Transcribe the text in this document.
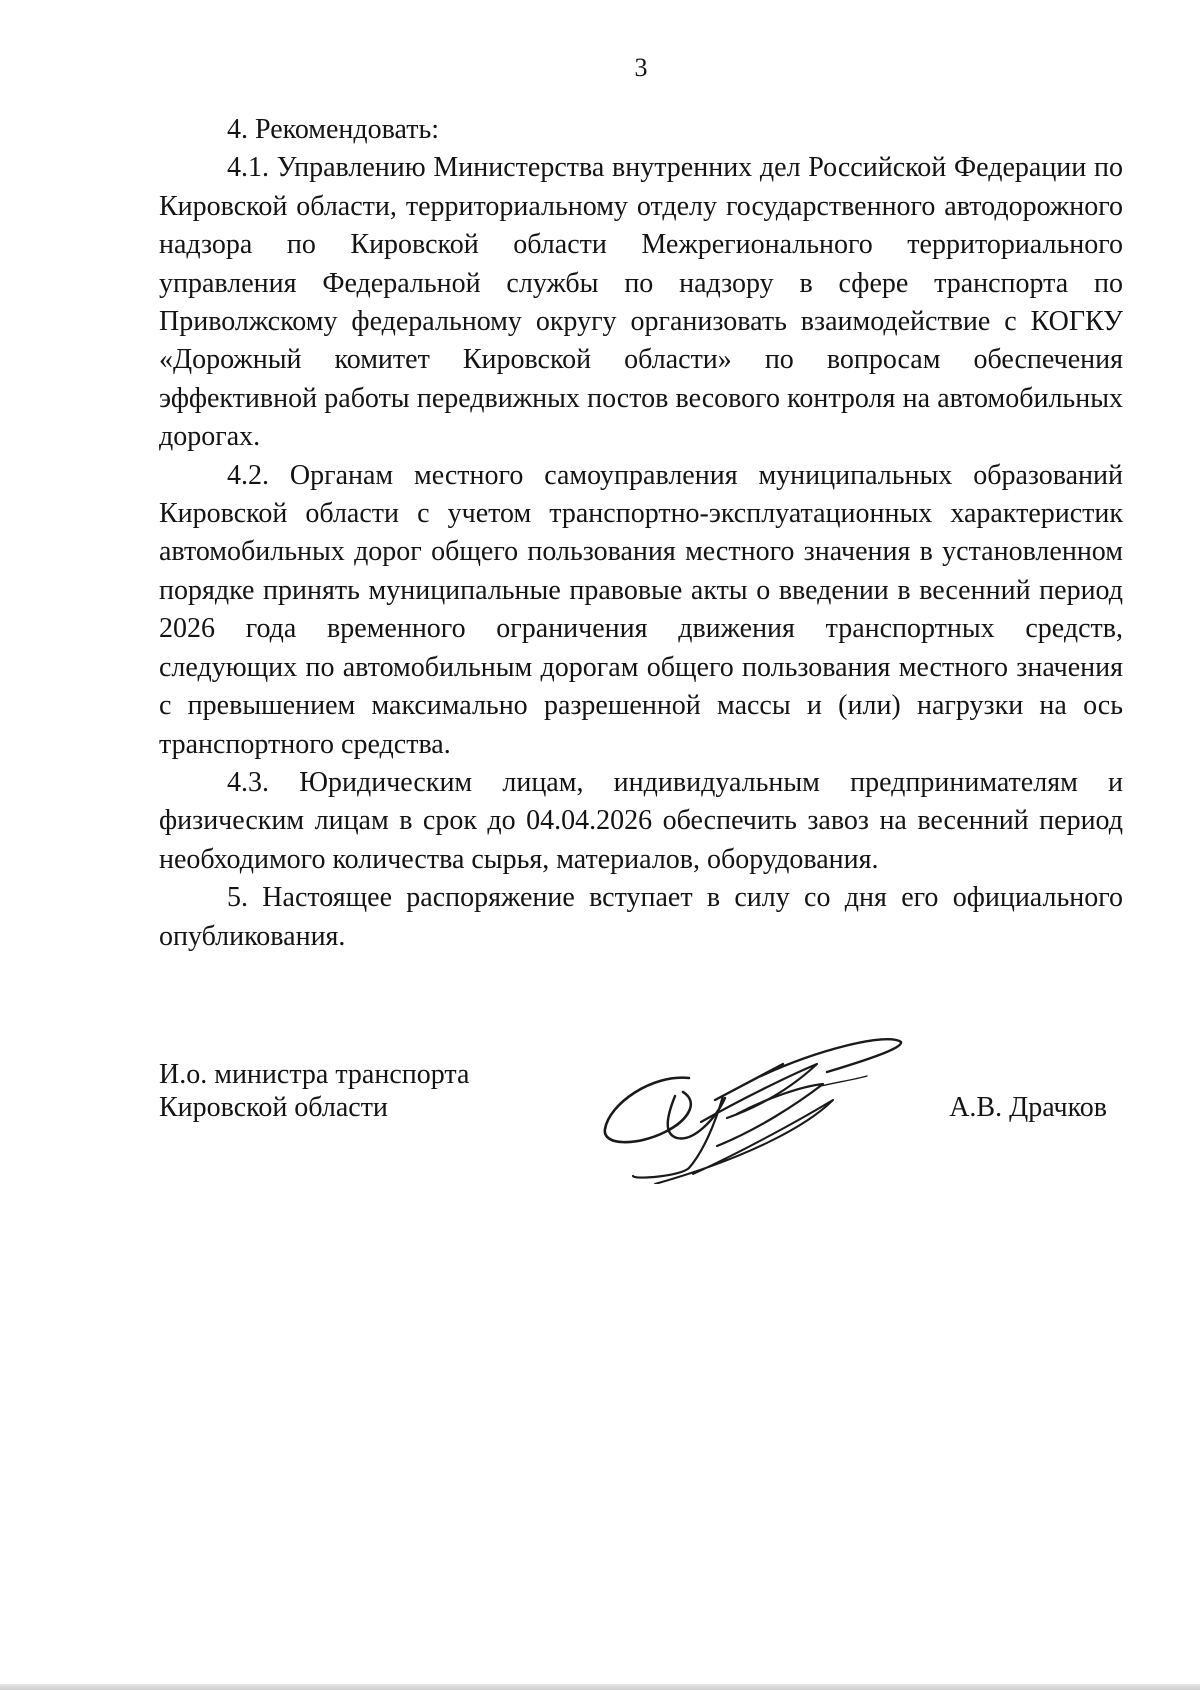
3

4. Рекомендовать:

4.1. Управлению Министерства внутренних дел Российской Федерации по Кировской области, территориальному отделу государственного автодорожного надзора по Кировской области Межрегионального территориального управления Федеральной службы по надзору в сфере транспорта по Приволжскому федеральному округу организовать взаимодействие с КОГКУ «Дорожный комитет Кировской области» по вопросам обеспечения эффективной работы передвижных постов весового контроля на автомобильных дорогах.

4.2. Органам местного самоуправления муниципальных образований Кировской области с учетом транспортно-эксплуатационных характеристик автомобильных дорог общего пользования местного значения в установленном порядке принять муниципальные правовые акты о введении в весенний период 2026 года временного ограничения движения транспортных средств, следующих по автомобильным дорогам общего пользования местного значения с превышением максимально разрешенной массы и (или) нагрузки на ось транспортного средства.

4.3. Юридическим лицам, индивидуальным предпринимателям и физическим лицам в срок до 04.04.2026 обеспечить завоз на весенний период необходимого количества сырья, материалов, оборудования.

5. Настоящее распоряжение вступает в силу со дня его официального опубликования.

И.о. министра транспорта
Кировской области	А.В. Драчков
